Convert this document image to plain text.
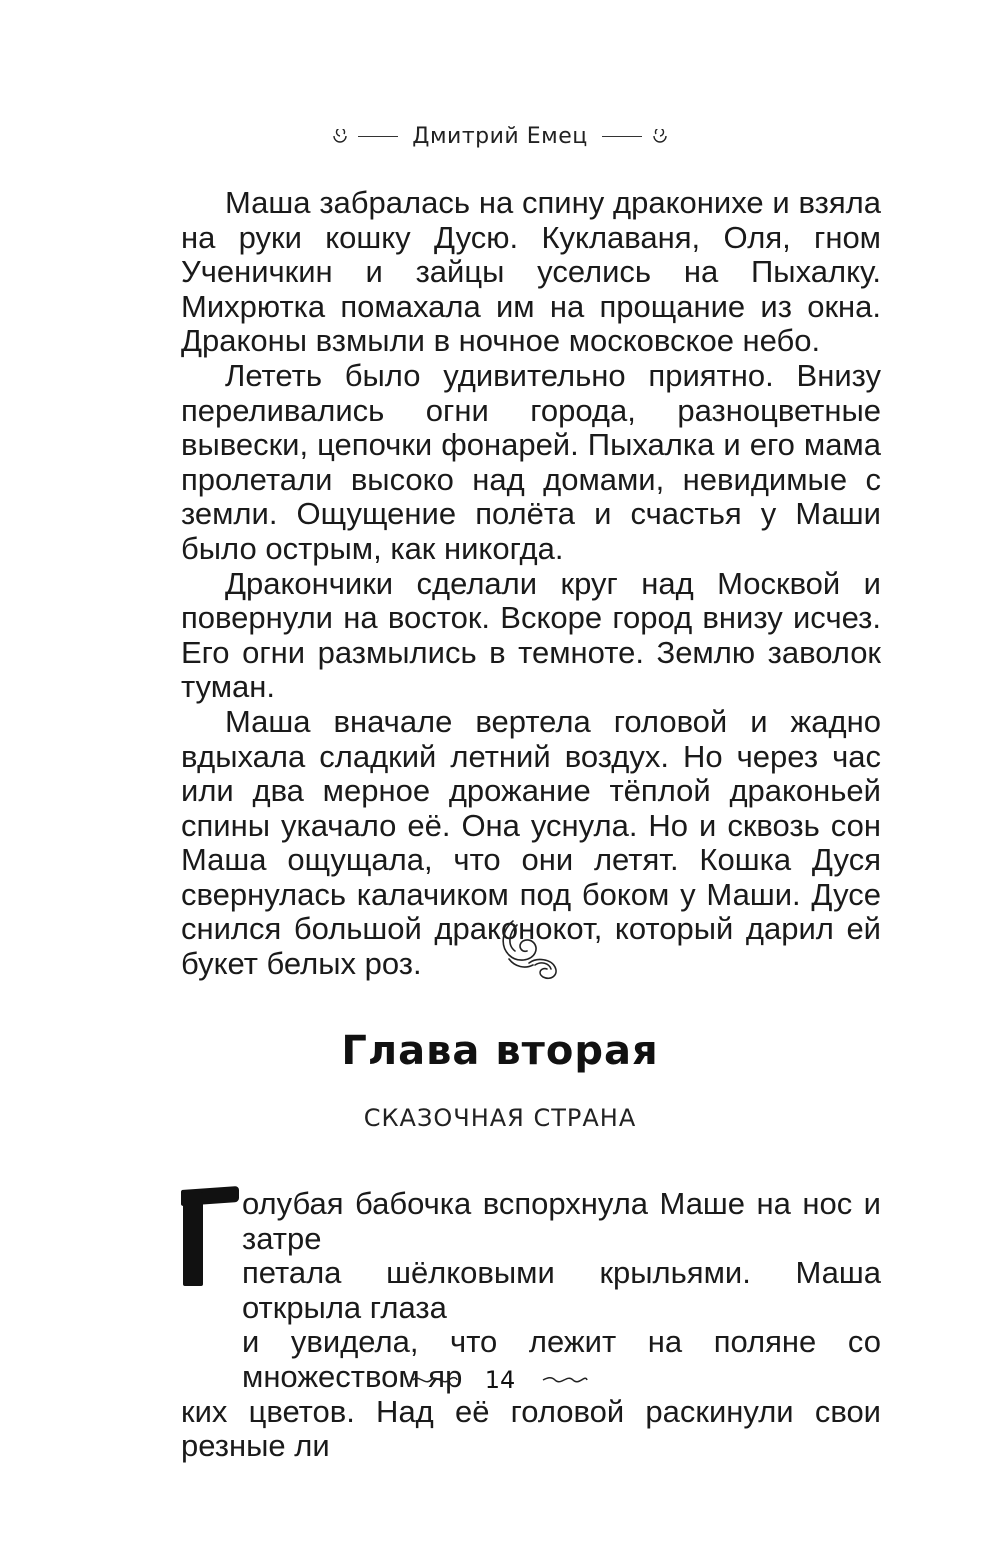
Дмитрий Емец

Маша забралась на спину драконихе и взяла на руки кошку Дусю. Куклаваня, Оля, гном Ученичкин и зайцы уселись на Пыхалку. Михрютка помахала им на прощание из окна. Драконы взмыли в ночное московское небо.

Лететь было удивительно приятно. Внизу переливались огни города, разноцветные вывески, цепочки фонарей. Пыхалка и его мама пролетали высоко над домами, невидимые с земли. Ощущение полёта и счастья у Маши было острым, как никогда.

Дракончики сделали круг над Москвой и повернули на восток. Вскоре город внизу исчез. Его огни размылись в темноте. Землю заволок туман.

Маша вначале вертела головой и жадно вдыхала сладкий летний воздух. Но через час или два мерное дрожание тёплой драконьей спины укачало её. Она уснула. Но и сквозь сон Маша ощущала, что они летят. Кошка Дуся свернулась калачиком под боком у Маши. Дусе снился большой драконокот, который дарил ей букет белых роз.

Глава вторая
СКАЗОЧНАЯ СТРАНА
олубая бабочка вспорхнула Маше на нос и затре
петала шёлковыми крыльями. Маша открыла глаза
и увидела, что лежит на поляне со множеством яр
ких цветов. Над её головой раскинули свои резные ли
14
